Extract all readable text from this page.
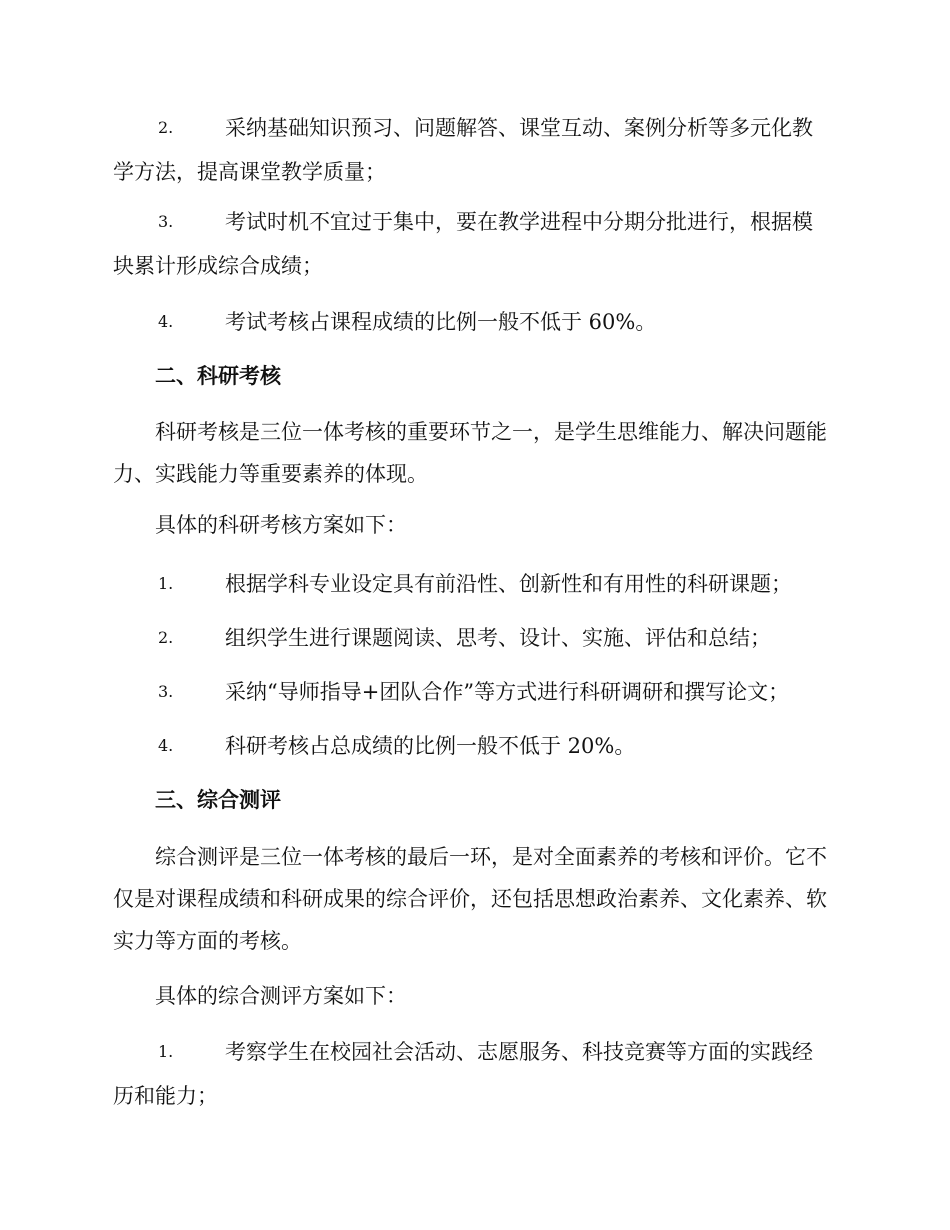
2.	采纳基础知识预习、问题解答、课堂互动、案例分析等多元化教学方法，提高课堂教学质量；
3.	考试时机不宜过于集中，要在教学进程中分期分批进行，根据模块累计形成综合成绩；
4.	考试考核占课程成绩的比例一般不低于 60%。
二、科研考核
科研考核是三位一体考核的重要环节之一，是学生思维能力、解决问题能力、实践能力等重要素养的体现。
具体的科研考核方案如下：
1.	根据学科专业设定具有前沿性、创新性和有用性的科研课题；
2.	组织学生进行课题阅读、思考、设计、实施、评估和总结；
3.	采纳“导师指导+团队合作”等方式进行科研调研和撰写论文；
4.	科研考核占总成绩的比例一般不低于 20%。
三、综合测评
综合测评是三位一体考核的最后一环，是对全面素养的考核和评价。它不仅是对课程成绩和科研成果的综合评价，还包括思想政治素养、文化素养、软实力等方面的考核。
具体的综合测评方案如下：
1.	考察学生在校园社会活动、志愿服务、科技竞赛等方面的实践经历和能力；
